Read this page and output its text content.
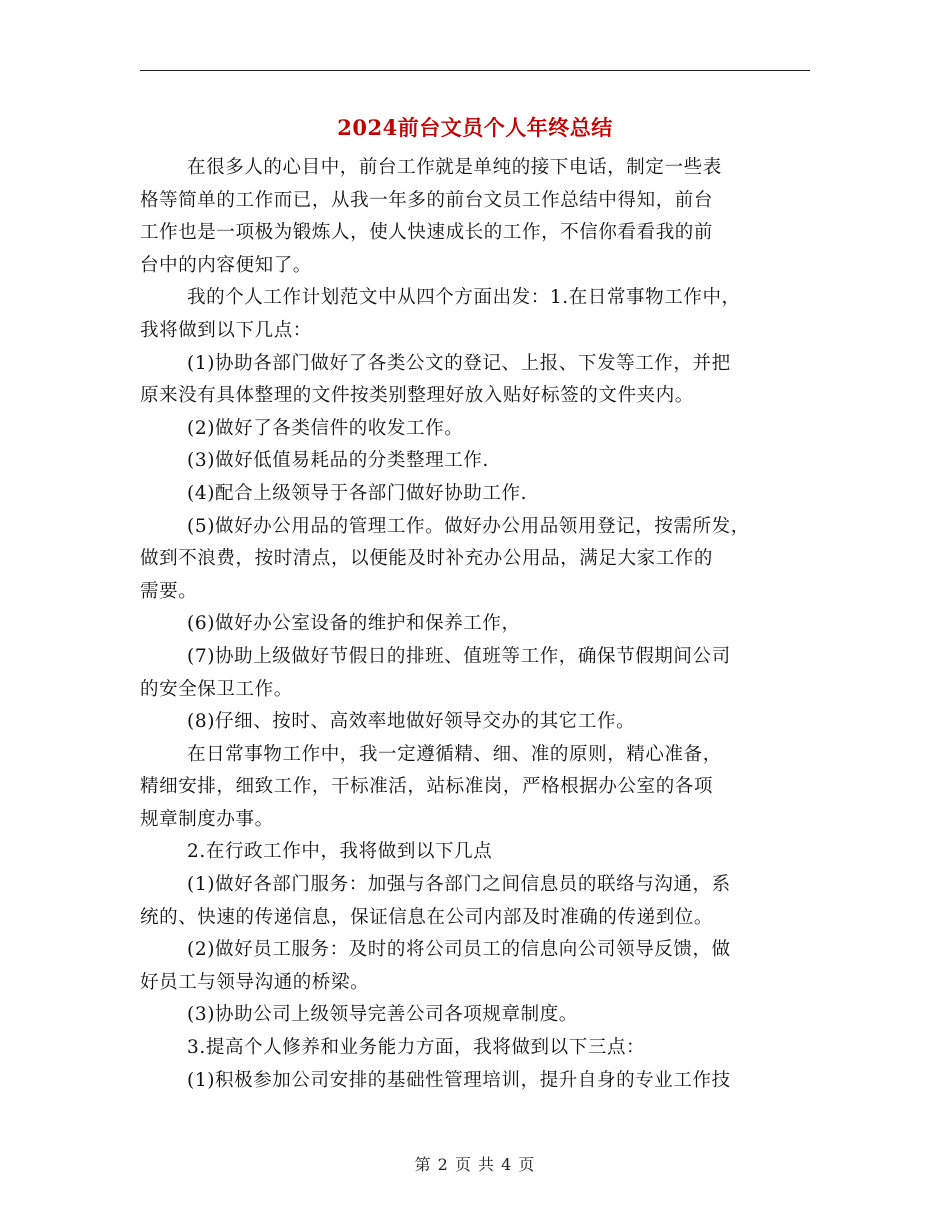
2024前台文员个人年终总结
在很多人的心目中，前台工作就是单纯的接下电话，制定一些表
格等简单的工作而已，从我一年多的前台文员工作总结中得知，前台
工作也是一项极为锻炼人，使人快速成长的工作，不信你看看我的前
台中的内容便知了。
我的个人工作计划范文中从四个方面出发：1.在日常事物工作中，
我将做到以下几点：
(1)协助各部门做好了各类公文的登记、上报、下发等工作，并把
原来没有具体整理的文件按类别整理好放入贴好标签的文件夹内。
(2)做好了各类信件的收发工作。
(3)做好低值易耗品的分类整理工作.
(4)配合上级领导于各部门做好协助工作.
(5)做好办公用品的管理工作。做好办公用品领用登记，按需所发，
做到不浪费，按时清点，以便能及时补充办公用品，满足大家工作的
需要。
(6)做好办公室设备的维护和保养工作，
(7)协助上级做好节假日的排班、值班等工作，确保节假期间公司
的安全保卫工作。
(8)仔细、按时、高效率地做好领导交办的其它工作。
在日常事物工作中，我一定遵循精、细、准的原则，精心准备，
精细安排，细致工作，干标准活，站标准岗，严格根据办公室的各项
规章制度办事。
2.在行政工作中，我将做到以下几点
(1)做好各部门服务：加强与各部门之间信息员的联络与沟通，系
统的、快速的传递信息，保证信息在公司内部及时准确的传递到位。
(2)做好员工服务：及时的将公司员工的信息向公司领导反馈，做
好员工与领导沟通的桥梁。
(3)协助公司上级领导完善公司各项规章制度。
3.提高个人修养和业务能力方面，我将做到以下三点：
(1)积极参加公司安排的基础性管理培训，提升自身的专业工作技
第 2 页 共 4 页
